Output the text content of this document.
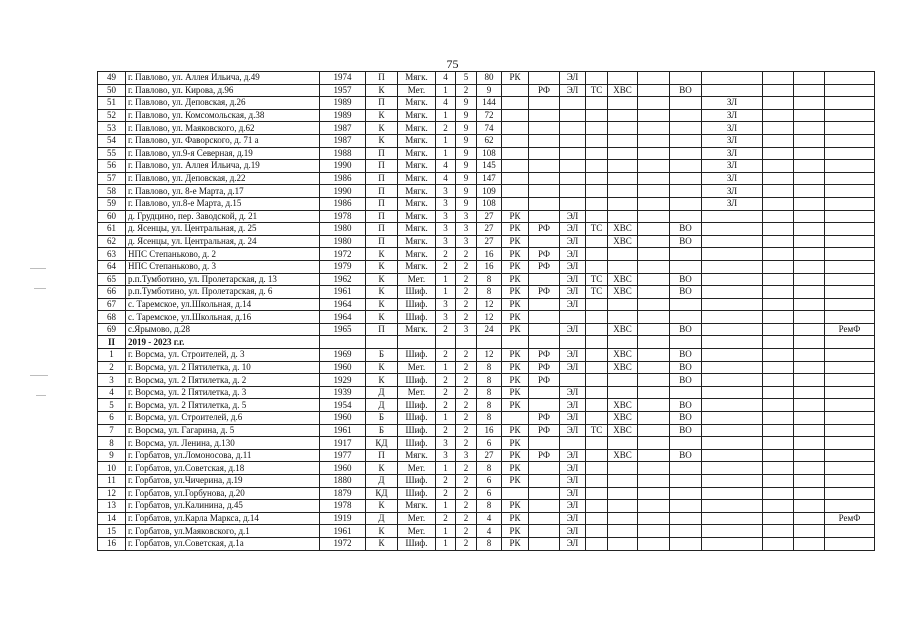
75
49	г. Павлово, ул. Аллея Ильича, д.49	1974	П	Мягк.	4	5	80	РК		ЭЛ								
50	г. Павлово, ул. Кирова, д.96	1957	К	Мет.	1	2	9		РФ	ЭЛ	ТС	ХВС		ВО				
51	г. Павлово, ул. Деповская, д.26	1989	П	Мягк.	4	9	144								ЗЛ			
52	г. Павлово, ул. Комсомольская, д.38	1989	К	Мягк.	1	9	72								ЗЛ			
53	г. Павлово, ул. Маяковского, д.62	1987	К	Мягк.	2	9	74								ЗЛ			
54	г. Павлово, ул. Фаворского, д. 71 а	1987	К	Мягк.	1	9	62								ЗЛ			
55	г. Павлово, ул.9-я Северная, д.19	1988	П	Мягк.	1	9	108								ЗЛ			
56	г. Павлово, ул. Аллея Ильича, д.19	1990	П	Мягк.	4	9	145								ЗЛ			
57	г. Павлово, ул. Деповская, д.22	1986	П	Мягк.	4	9	147								ЗЛ			
58	г. Павлово, ул. 8-е Марта, д.17	1990	П	Мягк.	3	9	109								ЗЛ			
59	г. Павлово, ул.8-е Марта, д.15	1986	П	Мягк.	3	9	108								ЗЛ			
60	д. Грудцино, пер. Заводской, д. 21	1978	П	Мягк.	3	3	27	РК		ЭЛ								
61	д. Ясенцы, ул. Центральная, д. 25	1980	П	Мягк.	3	3	27	РК	РФ	ЭЛ	ТС	ХВС		ВО				
62	д. Ясенцы, ул. Центральная, д. 24	1980	П	Мягк.	3	3	27	РК		ЭЛ		ХВС		ВО				
63	НПС Степаньково, д. 2	1972	К	Мягк.	2	2	16	РК	РФ	ЭЛ								
64	НПС Степаньково, д. 3	1979	К	Мягк.	2	2	16	РК	РФ	ЭЛ								
65	р.п.Тумботино, ул. Пролетарская, д. 13	1962	К	Мет.	1	2	8	РК		ЭЛ	ТС	ХВС		ВО				
66	р.п.Тумботино, ул. Пролетарская, д. 6	1961	К	Шиф.	1	2	8	РК	РФ	ЭЛ	ТС	ХВС		ВО				
67	с. Таремское, ул.Школьная, д.14	1964	К	Шиф.	3	2	12	РК		ЭЛ								
68	с. Таремское, ул.Школьная, д.16	1964	К	Шиф.	3	2	12	РК										
69	с.Ярымово, д.28	1965	П	Мягк.	2	3	24	РК		ЭЛ		ХВС		ВО				РемФ
II	2019 - 2023 г.г.																	
1	г. Ворсма, ул. Строителей, д. 3	1969	Б	Шиф.	2	2	12	РК	РФ	ЭЛ		ХВС		ВО				
2	г. Ворсма, ул. 2 Пятилетка, д. 10	1960	К	Мет.	1	2	8	РК	РФ	ЭЛ		ХВС		ВО				
3	г. Ворсма, ул. 2 Пятилетка, д. 2	1929	К	Шиф.	2	2	8	РК	РФ					ВО				
4	г. Ворсма, ул. 2 Пятилетка, д. 3	1939	Д	Мет.	2	2	8	РК		ЭЛ								
5	г. Ворсма, ул. 2 Пятилетка, д. 5	1954	Д	Шиф.	2	2	8	РК		ЭЛ		ХВС		ВО				
6	г. Ворсма, ул. Строителей, д.6	1960	Б	Шиф.	1	2	8		РФ	ЭЛ		ХВС		ВО				
7	г. Ворсма, ул. Гагарина, д. 5	1961	Б	Шиф.	2	2	16	РК	РФ	ЭЛ	ТС	ХВС		ВО				
8	г. Ворсма, ул. Ленина, д.130	1917	КД	Шиф.	3	2	6	РК										
9	г. Горбатов, ул.Ломоносова, д.11	1977	П	Мягк.	3	3	27	РК	РФ	ЭЛ		ХВС		ВО				
10	г. Горбатов, ул.Советская, д.18	1960	К	Мет.	1	2	8	РК		ЭЛ								
11	г. Горбатов, ул.Чичерина, д.19	1880	Д	Шиф.	2	2	6	РК		ЭЛ								
12	г. Горбатов, ул.Горбунова, д.20	1879	КД	Шиф.	2	2	6			ЭЛ								
13	г. Горбатов, ул.Калинина, д.45	1978	К	Мягк.	1	2	8	РК		ЭЛ								
14	г. Горбатов, ул.Карла Маркса, д.14	1919	Д	Мет.	2	2	4	РК		ЭЛ								РемФ
15	г. Горбатов, ул.Маяковского, д.1	1961	К	Мет.	1	2	4	РК		ЭЛ								
16	г. Горбатов, ул.Советская, д.1а	1972	К	Шиф.	1	2	8	РК		ЭЛ								
